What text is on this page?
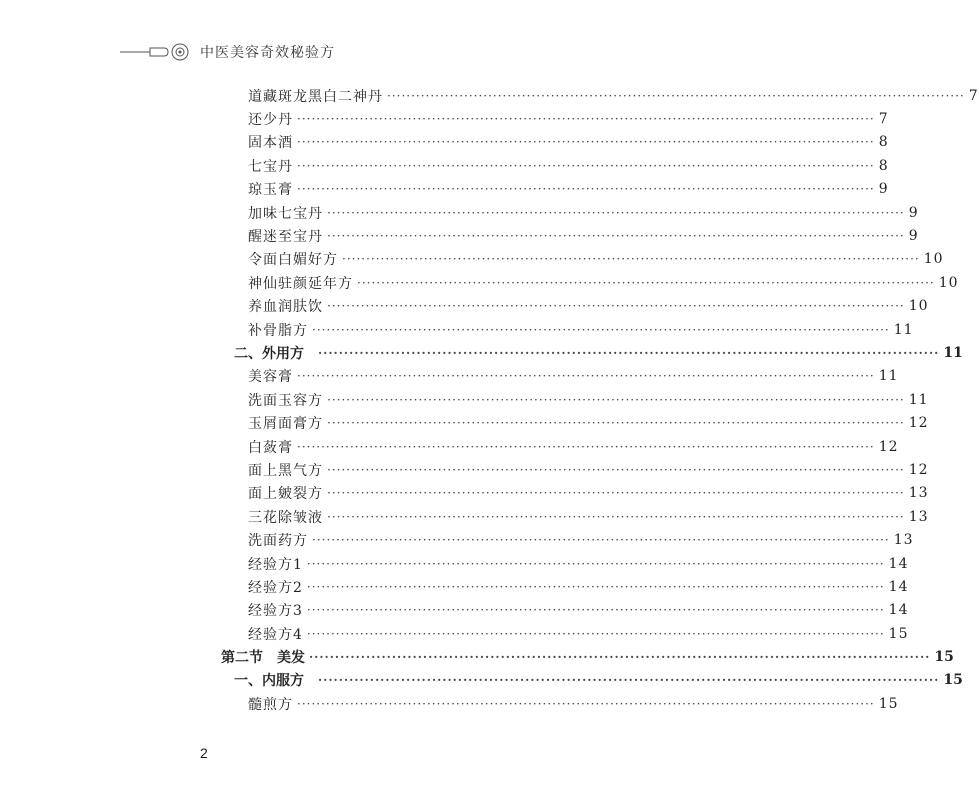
中医美容奇效秘验方
道藏斑龙黑白二神丹 ························································································································ 7
还少丹 ························································································································ 7
固本酒 ························································································································ 8
七宝丹 ························································································································ 8
琼玉膏 ························································································································ 9
加味七宝丹 ························································································································ 9
醒迷至宝丹 ························································································································ 9
令面白媚好方 ························································································································ 10
神仙驻颜延年方 ························································································································ 10
养血润肤饮 ························································································································ 10
补骨脂方 ························································································································ 11
二、外用方 ························································································································ 11
美容膏 ························································································································ 11
洗面玉容方 ························································································································ 11
玉屑面膏方 ························································································································ 12
白蔹膏 ························································································································ 12
面上黑气方 ························································································································ 12
面上皴裂方 ························································································································ 13
三花除皱液 ························································································································ 13
洗面药方 ························································································································ 13
经验方1 ························································································································ 14
经验方2 ························································································································ 14
经验方3 ························································································································ 14
经验方4 ························································································································ 15
第二节　美发 ························································································································ 15
一、内服方 ························································································································ 15
髓煎方 ························································································································ 15
2
